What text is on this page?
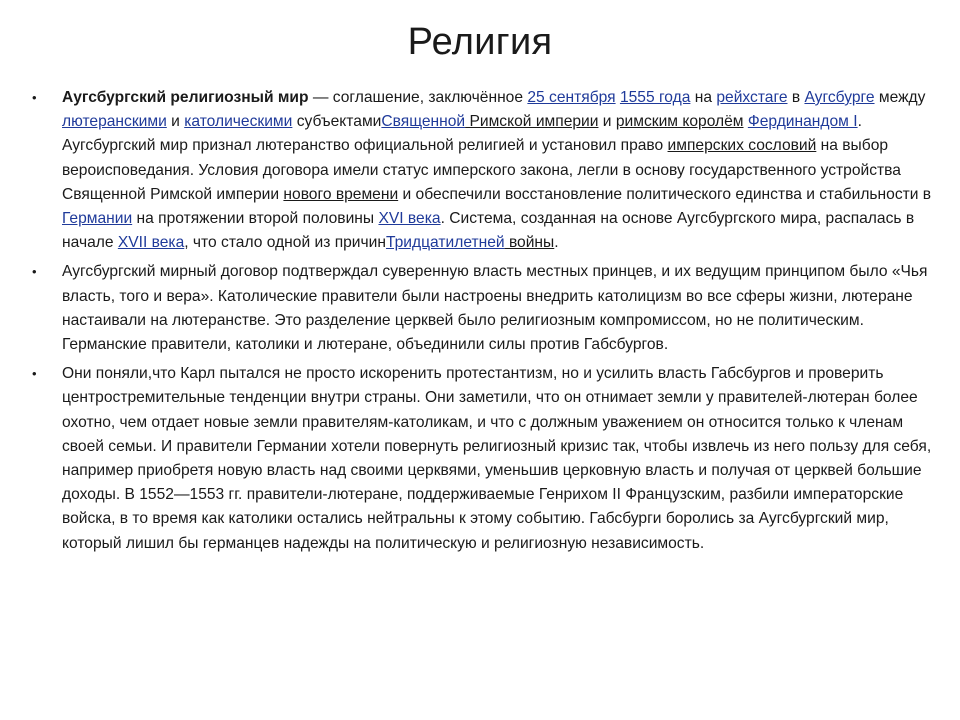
Религия
• Аугсбургский религиозный мир — соглашение, заключённое 25 сентября 1555 года на рейхстаге в Аугсбурге между лютеранскими и католическими субъектамиСвященной Римской империи и римским королём Фердинандом I. Аугсбургский мир признал лютеранство официальной религией и установил право имперских сословий на выбор вероисповедания. Условия договора имели статус имперского закона, легли в основу государственного устройства Священной Римской империи нового времени и обеспечили восстановление политического единства и стабильности в Германии на протяжении второй половины XVI века. Система, созданная на основе Аугсбургского мира, распалась в начале XVII века, что стало одной из причинТридцатилетней войны.
• Аугсбургский мирный договор подтверждал суверенную власть местных принцев, и их ведущим принципом было «Чья власть, того и вера». Католические правители были настроены внедрить католицизм во все сферы жизни, лютеране настаивали на лютеранстве. Это разделение церквей было религиозным компромиссом, но не политическим. Германские правители, католики и лютеране, объединили силы против Габсбургов.
• Они поняли,что Карл пытался не просто искоренить протестантизм, но и усилить власть Габсбургов и проверить центростремительные тенденции внутри страны. Они заметили, что он отнимает земли у правителей-лютеран более охотно, чем отдает новые земли правителям-католикам, и что с должным уважением он относится только к членам своей семьи. И правители Германии хотели повернуть религиозный кризис так, чтобы извлечь из него пользу для себя, например приобретя новую власть над своими церквями, уменьшив церковную власть и получая от церквей большие доходы. В 1552—1553 гг. правители-лютеране, поддерживаемые Генрихом II Французским, разбили императорские войска, в то время как католики остались нейтральны к этому событию. Габсбурги боролись за Аугсбургский мир, который лишил бы германцев надежды на политическую и религиозную независимость.
